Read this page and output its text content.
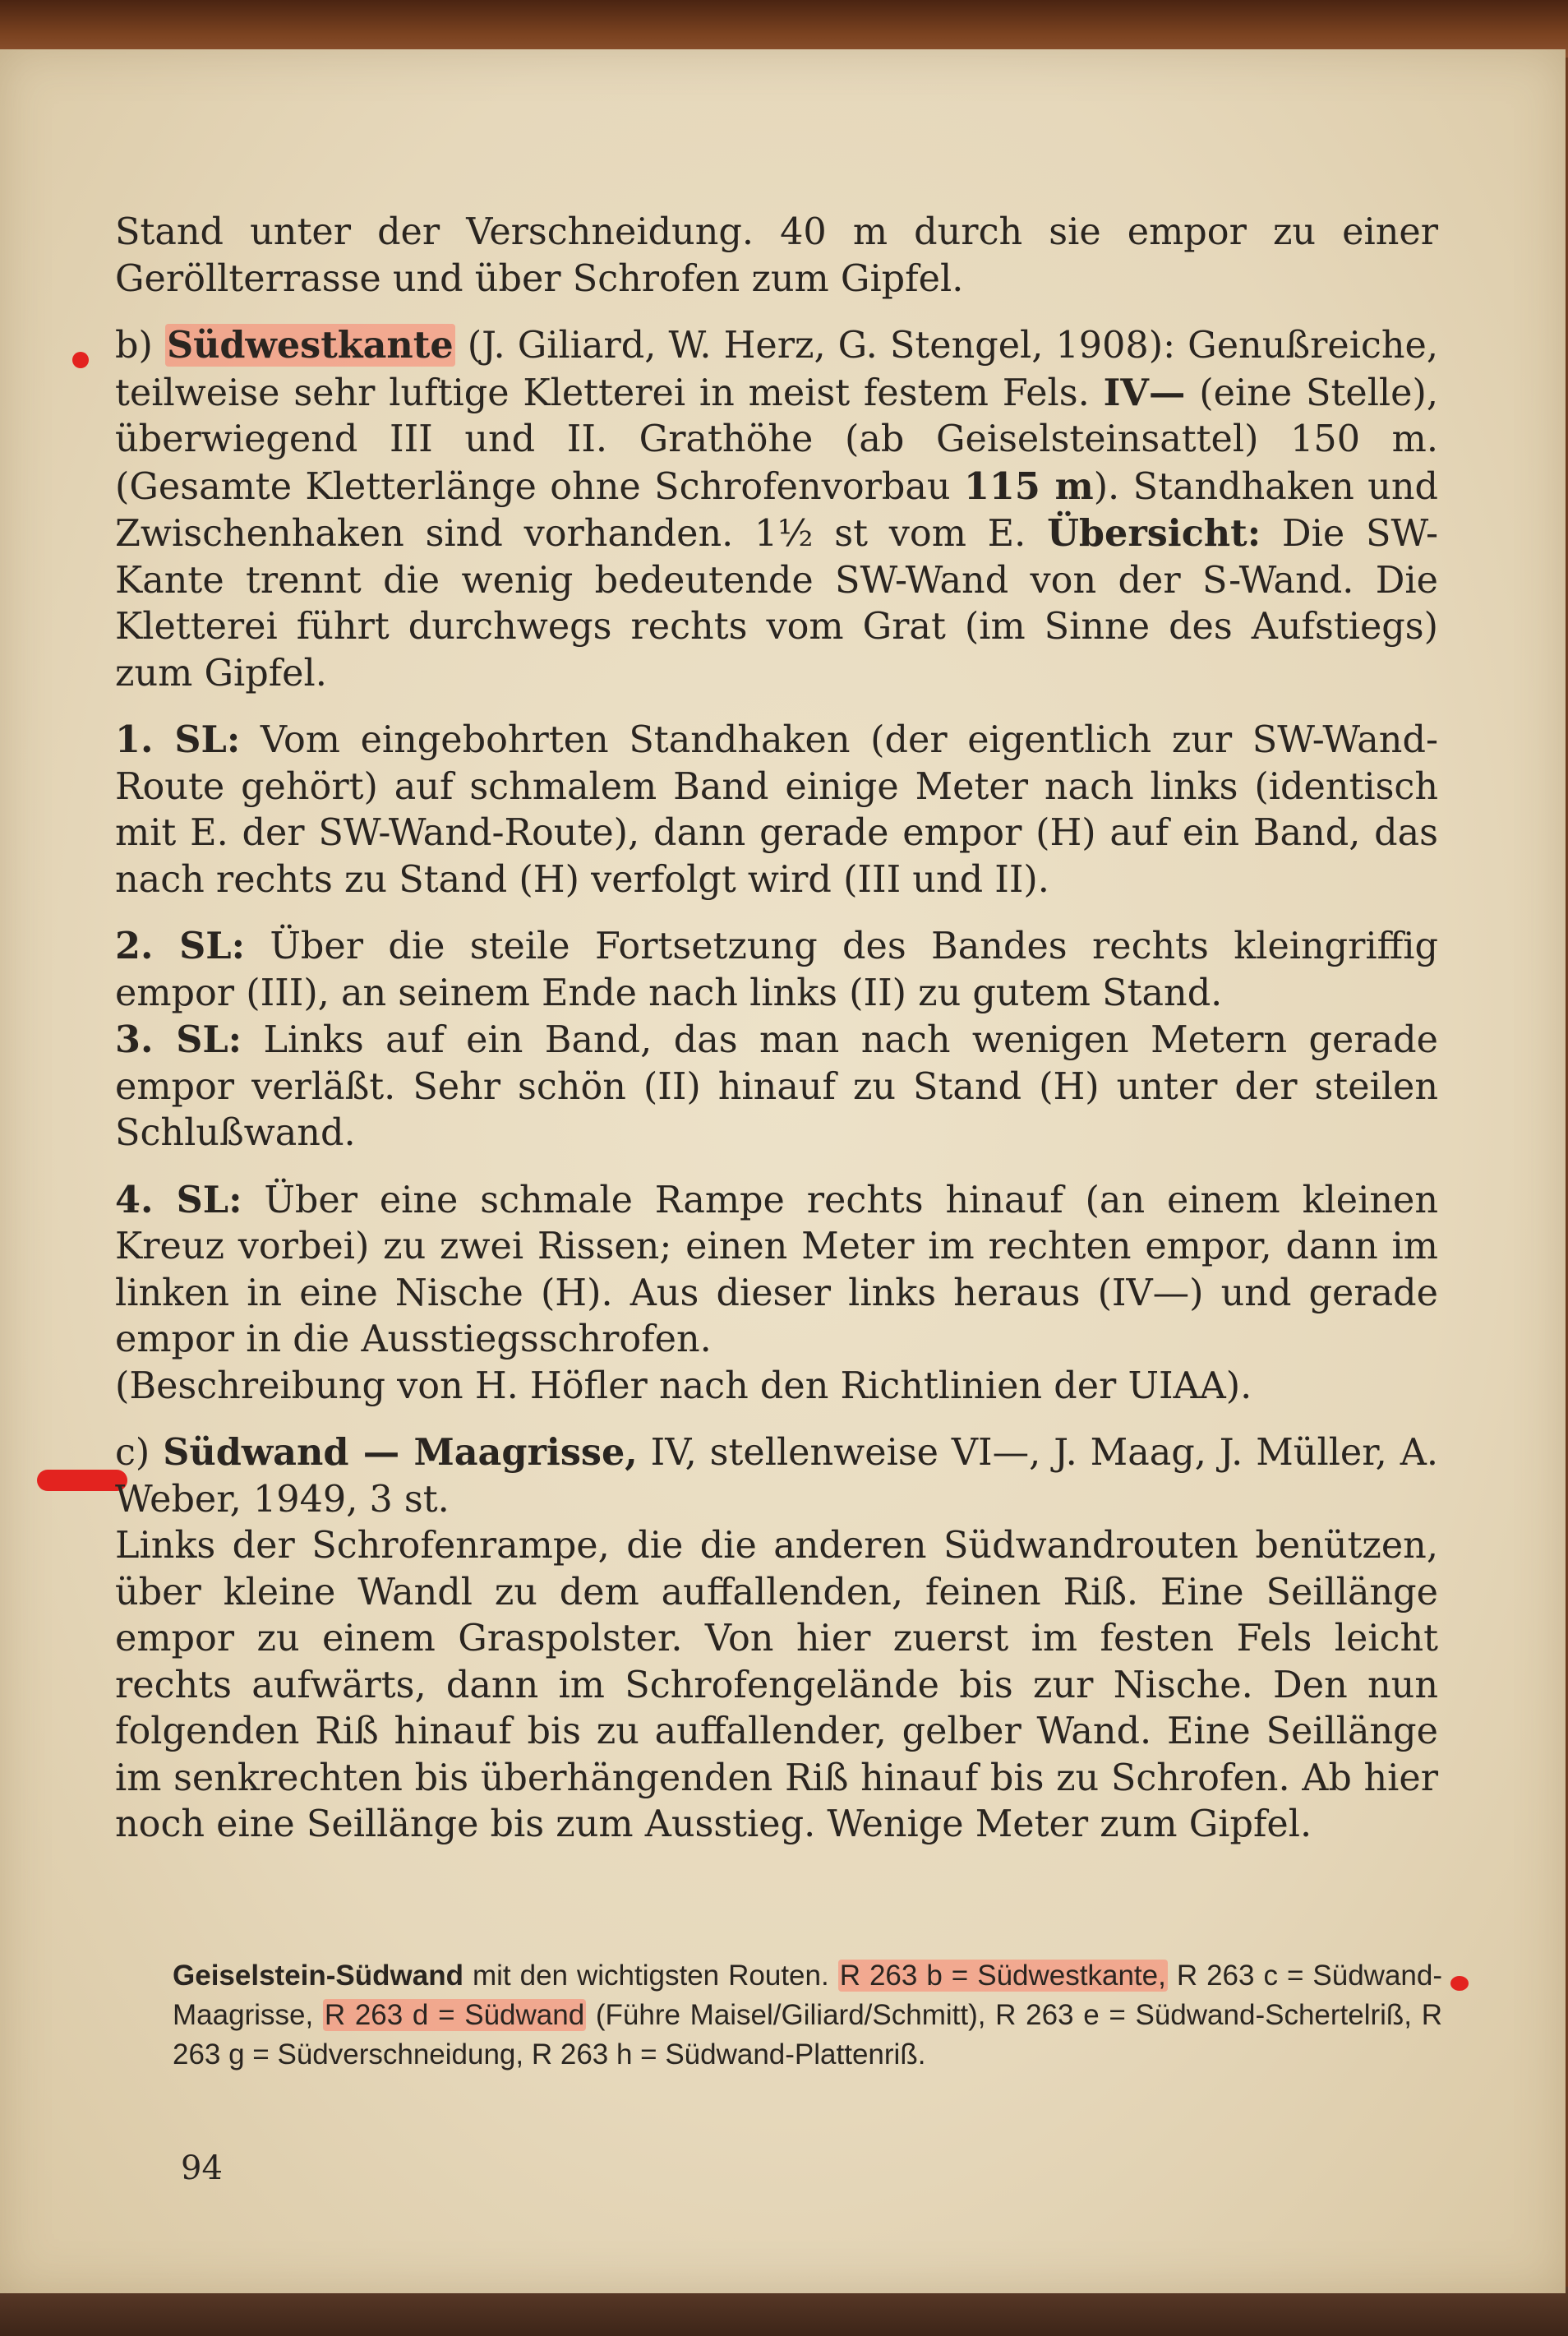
Stand unter der Verschneidung. 40 m durch sie empor zu einer Geröllterrasse und über Schrofen zum Gipfel.

b) Südwestkante (J. Giliard, W. Herz, G. Stengel, 1908): Genußreiche, teilweise sehr luftige Kletterei in meist festem Fels. IV— (eine Stelle), überwiegend III und II. Grathöhe (ab Geiselsteinsattel) 150 m. (Gesamte Kletterlänge ohne Schrofenvorbau 115 m). Standhaken und Zwischenhaken sind vorhanden. 1½ st vom E. Übersicht: Die SW-Kante trennt die wenig bedeutende SW-Wand von der S-Wand. Die Kletterei führt durchwegs rechts vom Grat (im Sinne des Aufstiegs) zum Gipfel.

1. SL: Vom eingebohrten Standhaken (der eigentlich zur SW-Wand-Route gehört) auf schmalem Band einige Meter nach links (identisch mit E. der SW-Wand-Route), dann gerade empor (H) auf ein Band, das nach rechts zu Stand (H) verfolgt wird (III und II).

2. SL: Über die steile Fortsetzung des Bandes rechts kleingriffig empor (III), an seinem Ende nach links (II) zu gutem Stand.

3. SL: Links auf ein Band, das man nach wenigen Metern gerade empor verläßt. Sehr schön (II) hinauf zu Stand (H) unter der steilen Schlußwand.

4. SL: Über eine schmale Rampe rechts hinauf (an einem kleinen Kreuz vorbei) zu zwei Rissen; einen Meter im rechten empor, dann im linken in eine Nische (H). Aus dieser links heraus (IV—) und gerade empor in die Ausstiegsschrofen.

(Beschreibung von H. Höfler nach den Richtlinien der UIAA).

c) Südwand — Maagrisse, IV, stellenweise VI—, J. Maag, J. Müller, A. Weber, 1949, 3 st.

Links der Schrofenrampe, die die anderen Südwandrouten benützen, über kleine Wandl zu dem auffallenden, feinen Riß. Eine Seillänge empor zu einem Graspolster. Von hier zuerst im festen Fels leicht rechts aufwärts, dann im Schrofengelände bis zur Nische. Den nun folgenden Riß hinauf bis zu auffallender, gelber Wand. Eine Seillänge im senkrechten bis überhängenden Riß hinauf bis zu Schrofen. Ab hier noch eine Seillänge bis zum Ausstieg. Wenige Meter zum Gipfel.

Geiselstein-Südwand mit den wichtigsten Routen. R 263 b = Südwestkante, R 263 c = Südwand-Maagrisse, R 263 d = Südwand (Führe Maisel/Giliard/Schmitt), R 263 e = Südwand-Schertelriß, R 263 g = Südverschneidung, R 263 h = Südwand-Plattenriß.

94
